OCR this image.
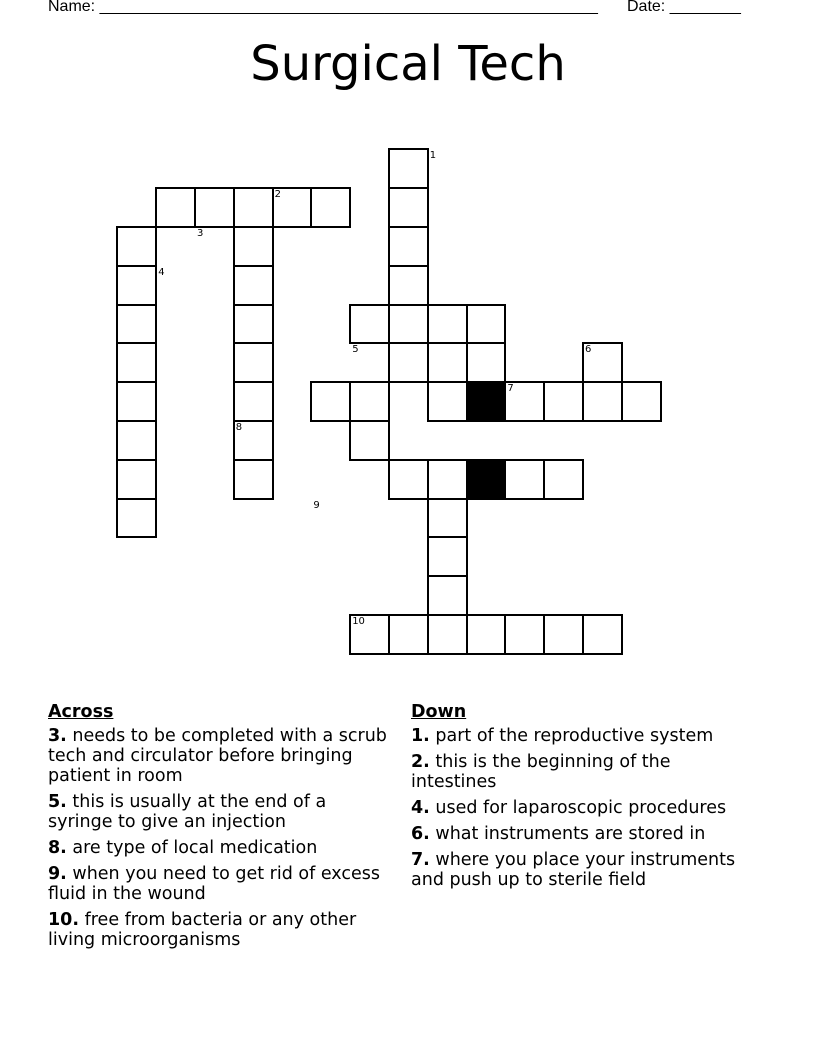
Name: ________________________________________________________ Date: ________
Surgical Tech
1
2
3
4
5	6
7
8
9
10
Across
3. needs to be completed with a scrub tech and circulator before bringing patient in room
5. this is usually at the end of a syringe to give an injection
8. are type of local medication
9. when you need to get rid of excess fluid in the wound
10. free from bacteria or any other living microorganisms
Down
1. part of the reproductive system
2. this is the beginning of the intestines
4. used for laparoscopic procedures
6. what instruments are stored in
7. where you place your instruments and push up to sterile field
